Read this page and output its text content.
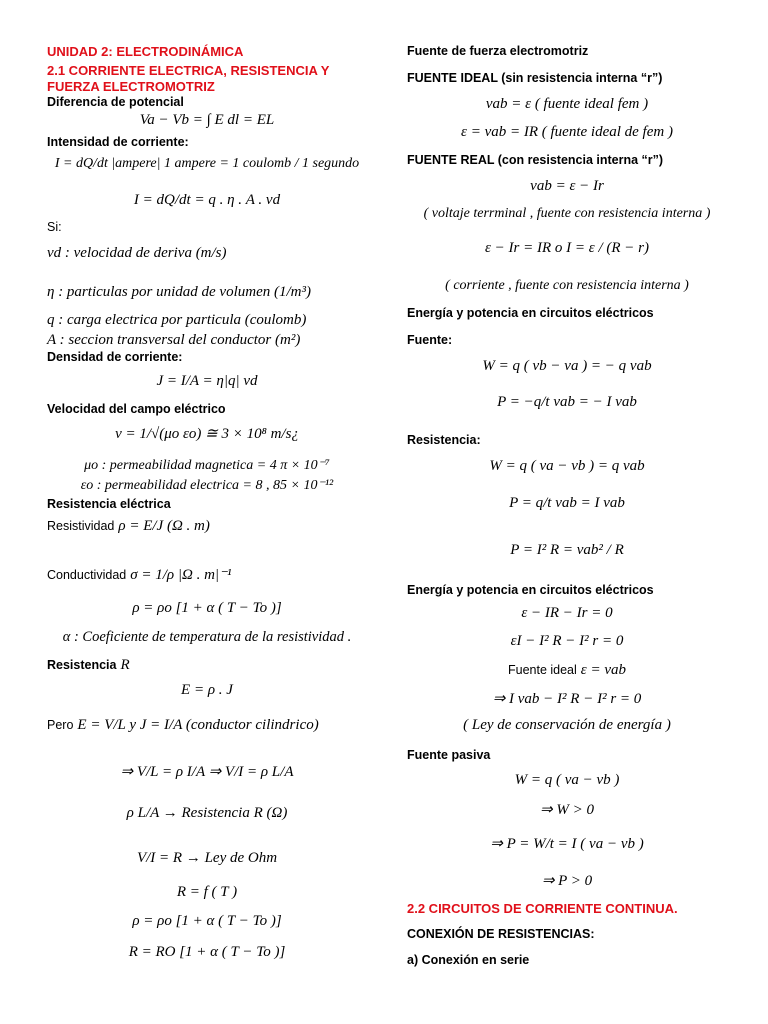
UNIDAD 2: ELECTRODINÁMICA
2.1 CORRIENTE ELECTRICA, RESISTENCIA Y FUERZA ELECTROMOTRIZ
Diferencia de potencial
Va − Vb = ∫ E dl = EL
Intensidad de corriente:
I = dQ/dt |ampere| 1 ampere = 1 coulomb / 1 segundo
I = dQ/dt = q . η . A . vd
Si:
vd : velocidad de deriva (m/s)
η : particulas por unidad de volumen (1/m³)
q : carga electrica por particula (coulomb)
A : seccion transversal del conductor (m²)
Densidad de corriente:
J = I/A = η|q| vd
Velocidad del campo eléctrico
v = 1/√(μo εo) ≅ 3 × 10⁸ m/s¿
μo : permeabilidad magnetica = 4 π × 10⁻⁷
εo : permeabilidad electrica = 8 , 85 × 10⁻¹²
Resistencia eléctrica
Resistividad ρ = E/J (Ω . m)
Conductividad σ = 1/ρ |Ω . m|⁻¹
ρ = ρo [1 + α ( T − To )]
α : Coeficiente de temperatura de la resistividad .
Resistencia R
E = ρ . J
Pero E = V/L y J = I/A (conductor cilindrico)
⇒ V/L = ρ I/A ⇒ V/I = ρ L/A
ρ L/A → Resistencia R (Ω)
V/I = R → Ley de Ohm
R = f ( T )
ρ = ρo [1 + α ( T − To )]
R = RO [1 + α ( T − To )]
Fuente de fuerza electromotriz
FUENTE IDEAL (sin resistencia interna “r”)
vab = ε ( fuente ideal fem )
ε = vab = IR ( fuente ideal de fem )
FUENTE REAL (con resistencia interna “r”)
vab = ε − Ir
( voltaje terrminal , fuente con resistencia interna )
ε − Ir = IR o I = ε / (R − r)
( corriente , fuente con resistencia interna )
Energía y potencia en circuitos eléctricos
Fuente:
W = q ( vb − va ) = − q vab
P = −q/t vab = − I vab
Resistencia:
W = q ( va − vb ) = q vab
P = q/t vab = I vab
P = I² R = vab² / R
Energía y potencia en circuitos eléctricos
ε − IR − Ir = 0
εI − I² R − I² r = 0
Fuente ideal ε = vab
⇒ I vab − I² R − I² r = 0
( Ley de conservación de energía )
Fuente pasiva
W = q ( va − vb )
⇒ W > 0
⇒ P = W/t = I ( va − vb )
⇒ P > 0
2.2 CIRCUITOS DE CORRIENTE CONTINUA.
CONEXIÓN DE RESISTENCIAS:
a) Conexión en serie
